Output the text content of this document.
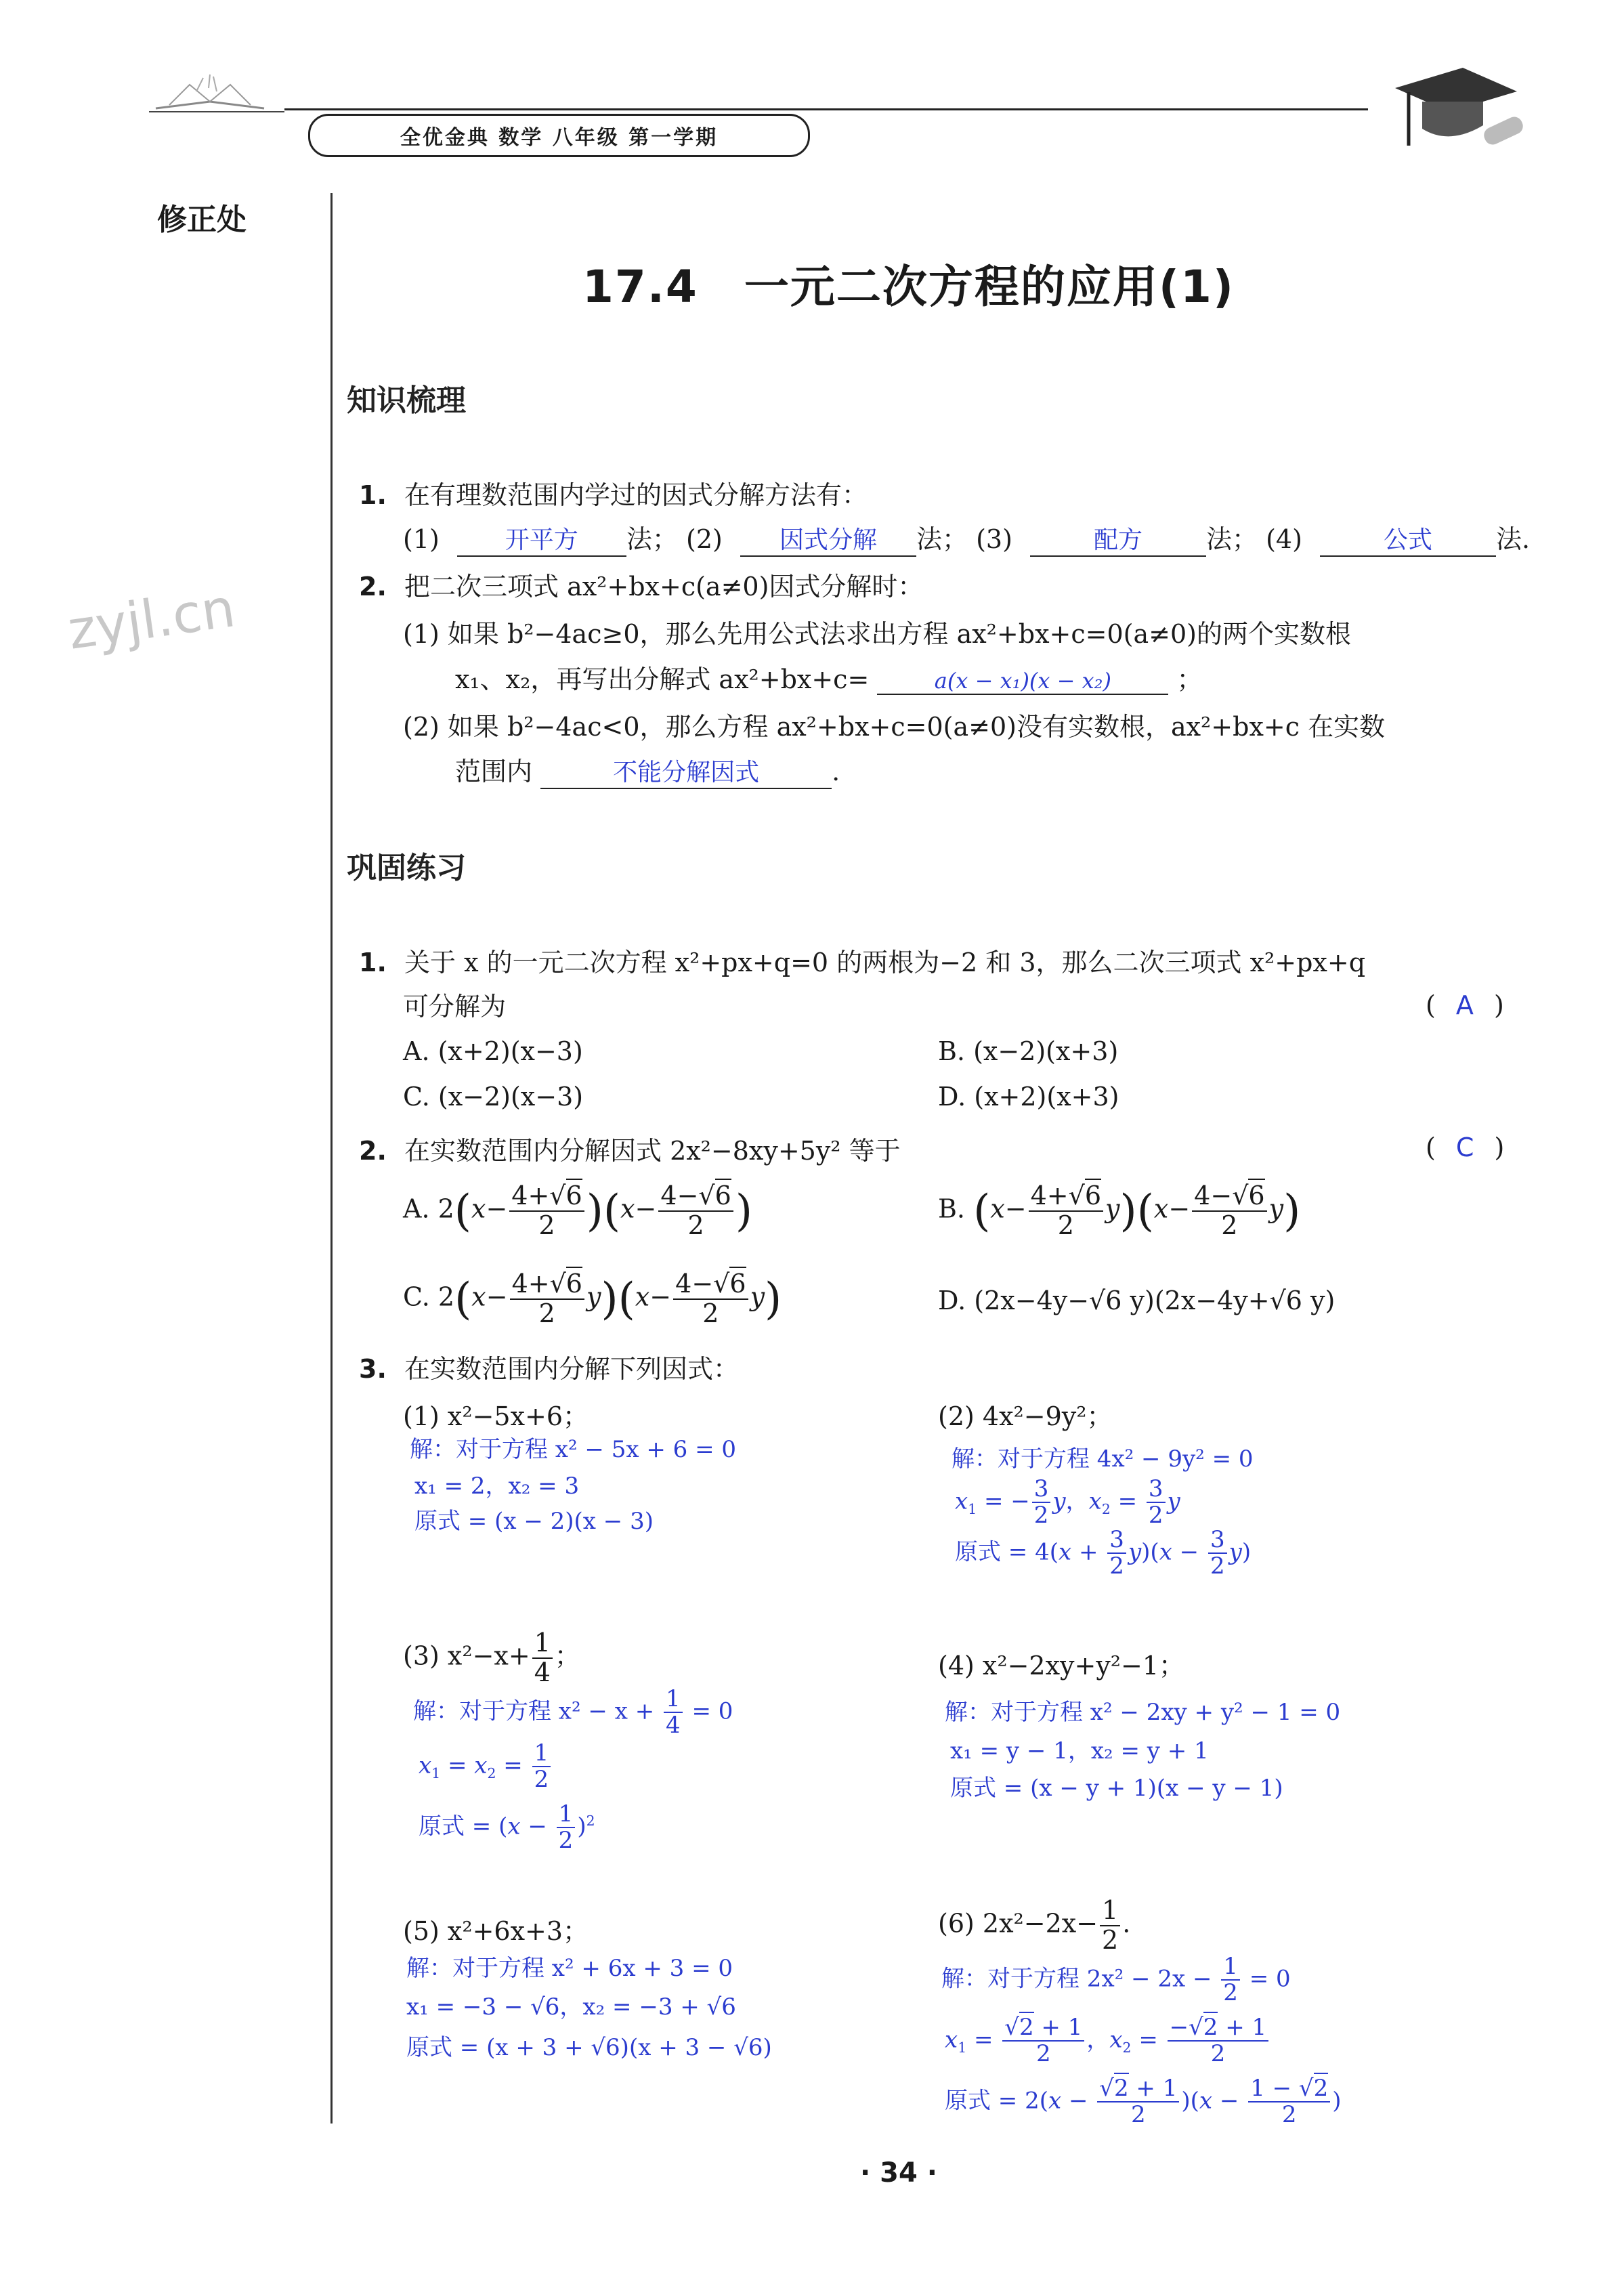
全优金典 数学 八年级 第一学期
修正处
17.4　一元二次方程的应用(1)
zyjl.cn
知识梳理
1. 在有理数范围内学过的因式分解方法有：
(1)	开平方 法； (2) 因式分解 法； (3)	配方 法； (4)	公式 法.
2. 把二次三项式 ax²+bx+c(a≠0)因式分解时：
(1) 如果 b²−4ac≥0，那么先用公式法求出方程 ax²+bx+c=0(a≠0)的两个实数根
x₁、x₂，再写出分解式 ax²+bx+c=	a(x − x₁)(x − x₂)	；
(2) 如果 b²−4ac<0，那么方程 ax²+bx+c=0(a≠0)没有实数根，ax²+bx+c 在实数
范围内	不能分解因式	.
巩固练习
1. 关于 x 的一元二次方程 x²+px+q=0 的两根为−2 和 3，那么二次三项式 x²+px+q
可分解为	( A )
A. (x+2)(x−3)	B. (x−2)(x+3)
C. (x−2)(x−3)	D. (x+2)(x+3)
2. 在实数范围内分解因式 2x²−8xy+5y² 等于	( C )
A. $2(x- \frac{4+√6}{2} )(x- \frac{4-√6}{2}$ )	B. $(x- \frac{4+√6}{2} y)(x- \frac{4-√6}{2} y)$
C. $2(x- \frac{4+√6}{2} y)(x- \frac{4-√6}{2} y)$	D. (2x−4y−√6 y)(2x−4y+√6 y)
3. 在实数范围内分解下列因式：
(1) x²−5x+6；
解：对于方程 x² − 5x + 6 = 0
x₁ = 2，x₂ = 3
原式 = (x − 2)(x − 3)
(2) 4x²−9y²；
解：对于方程 4x² − 9y² = 0
$x_1$ = − $\frac{3}{2}$ y，$x_2 = \frac{3}{2}$ y
原式 = $4(x + \frac{3}{2} y)(x - \frac{3}{2} y)$
(3) $x^2-x+ \frac{1}{4}$ ；
解：对于方程 $x^2 - x + \frac{1}{4} = 0$
$x_1 = x_2 = \frac{1}{2}$
原式 = $(x - \frac{1}{2} )^2$
(4) x²−2xy+y²−1；
解：对于方程 x² − 2xy + y² − 1 = 0
x₁ = y − 1，x₂ = y + 1
原式 = (x − y + 1)(x − y − 1)
(5) x²+6x+3；
解：对于方程 x² + 6x + 3 = 0
x₁ = −3 − √6，x₂ = −3 + √6
原式 = (x + 3 + √6)(x + 3 − √6)
(6) $2x^2-2x- \frac{1}{2}$ .
解：对于方程 $2x^2 - 2x - \frac{1}{2} = 0$
$x_1 = \frac{√2 + 1}{2}$ ，$x_2 = \frac{-√2 + 1}{2}$
原式 = $2(x - \frac{√2 + 1}{2} )(x - \frac{1 - √2}{2}$ )
· 34 ·
